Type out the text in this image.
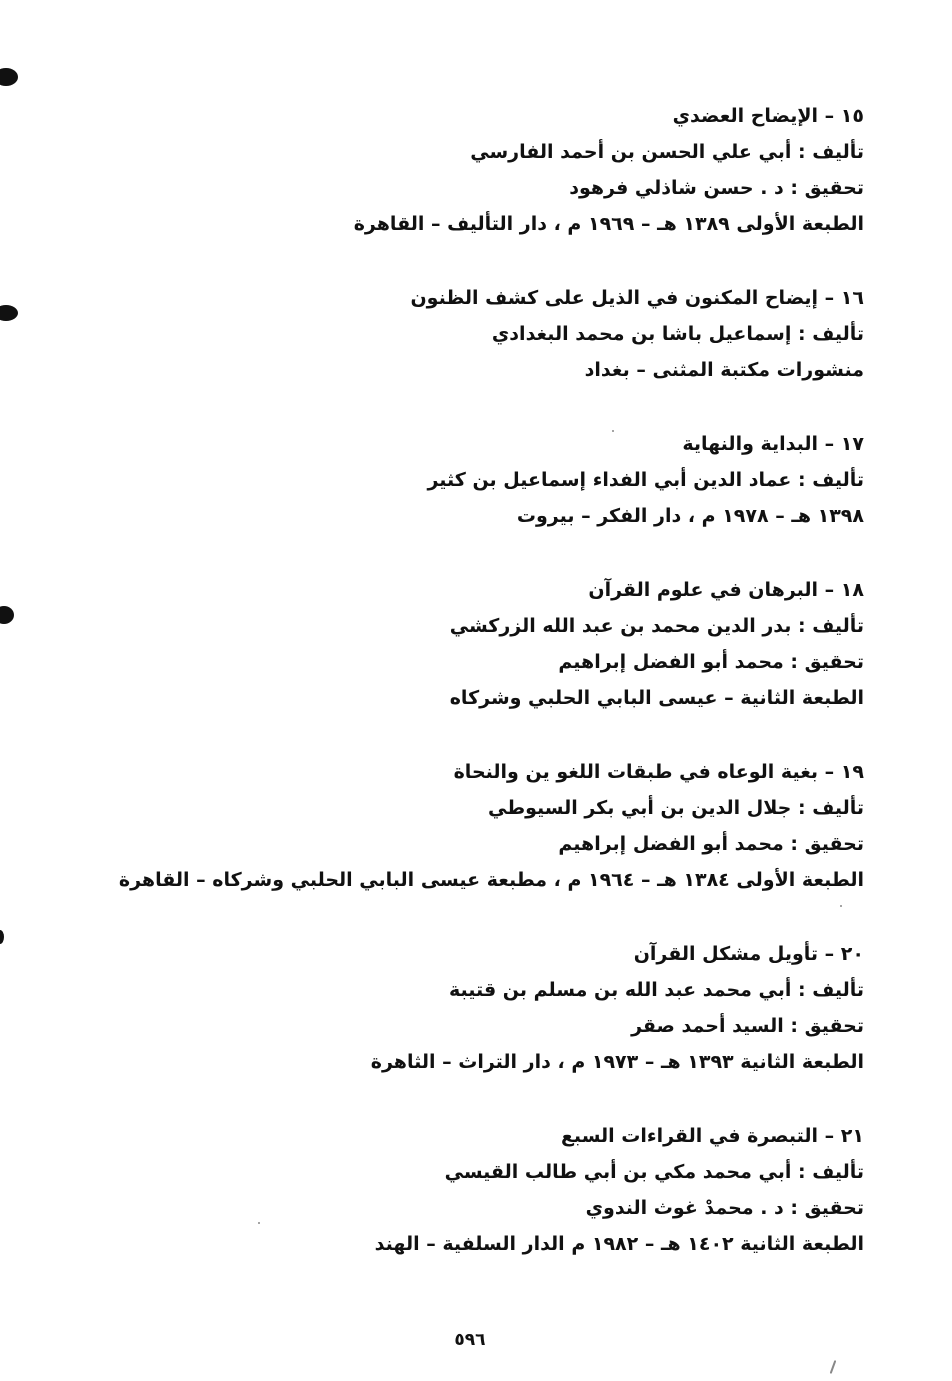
١٥ – الإيضاح العضدي
تأليف : أبي علي الحسن بن أحمد الفارسي
تحقيق : د . حسن شاذلي فرهود
الطبعة الأولى ١٣٨٩ هـ – ١٩٦٩ م ، دار التأليف – القاهرة
١٦ – إيضاح المكنون في الذيل على كشف الظنون
تأليف : إسماعيل باشا بن محمد البغدادي
منشورات مكتبة المثنى – بغداد
١٧ – البداية والنهاية
تأليف : عماد الدين أبي الفداء إسماعيل بن كثير
١٣٩٨ هـ – ١٩٧٨ م ، دار الفكر – بيروت
١٨ – البرهان في علوم القرآن
تأليف : بدر الدين محمد بن عبد الله الزركشي
تحقيق : محمد أبو الفضل إبراهيم
الطبعة الثانية – عيسى البابي الحلبي وشركاه
١٩ – بغية الوعاه في طبقات اللغو ين والنحاة
تأليف : جلال الدين بن أبي بكر السيوطي
تحقيق : محمد أبو الفضل إبراهيم
الطبعة الأولى ١٣٨٤ هـ – ١٩٦٤ م ، مطبعة عيسى البابي الحلبي وشركاه – القاهرة
٢٠ – تأويل مشكل القرآن
تأليف : أبي محمد عبد الله بن مسلم بن قتيبة
تحقيق : السيد أحمد صقر
الطبعة الثانية ١٣٩٣ هـ – ١٩٧٣ م ، دار التراث – الثاهرة
٢١ – التبصرة في القراءات السبع
تأليف : أبي محمد مكي بن أبي طالب القيسي
تحقيق : د . محمدْ غوث الندوي
الطبعة الثانية ١٤٠٢ هـ – ١٩٨٢ م الدار السلفية – الهند
٥٩٦
